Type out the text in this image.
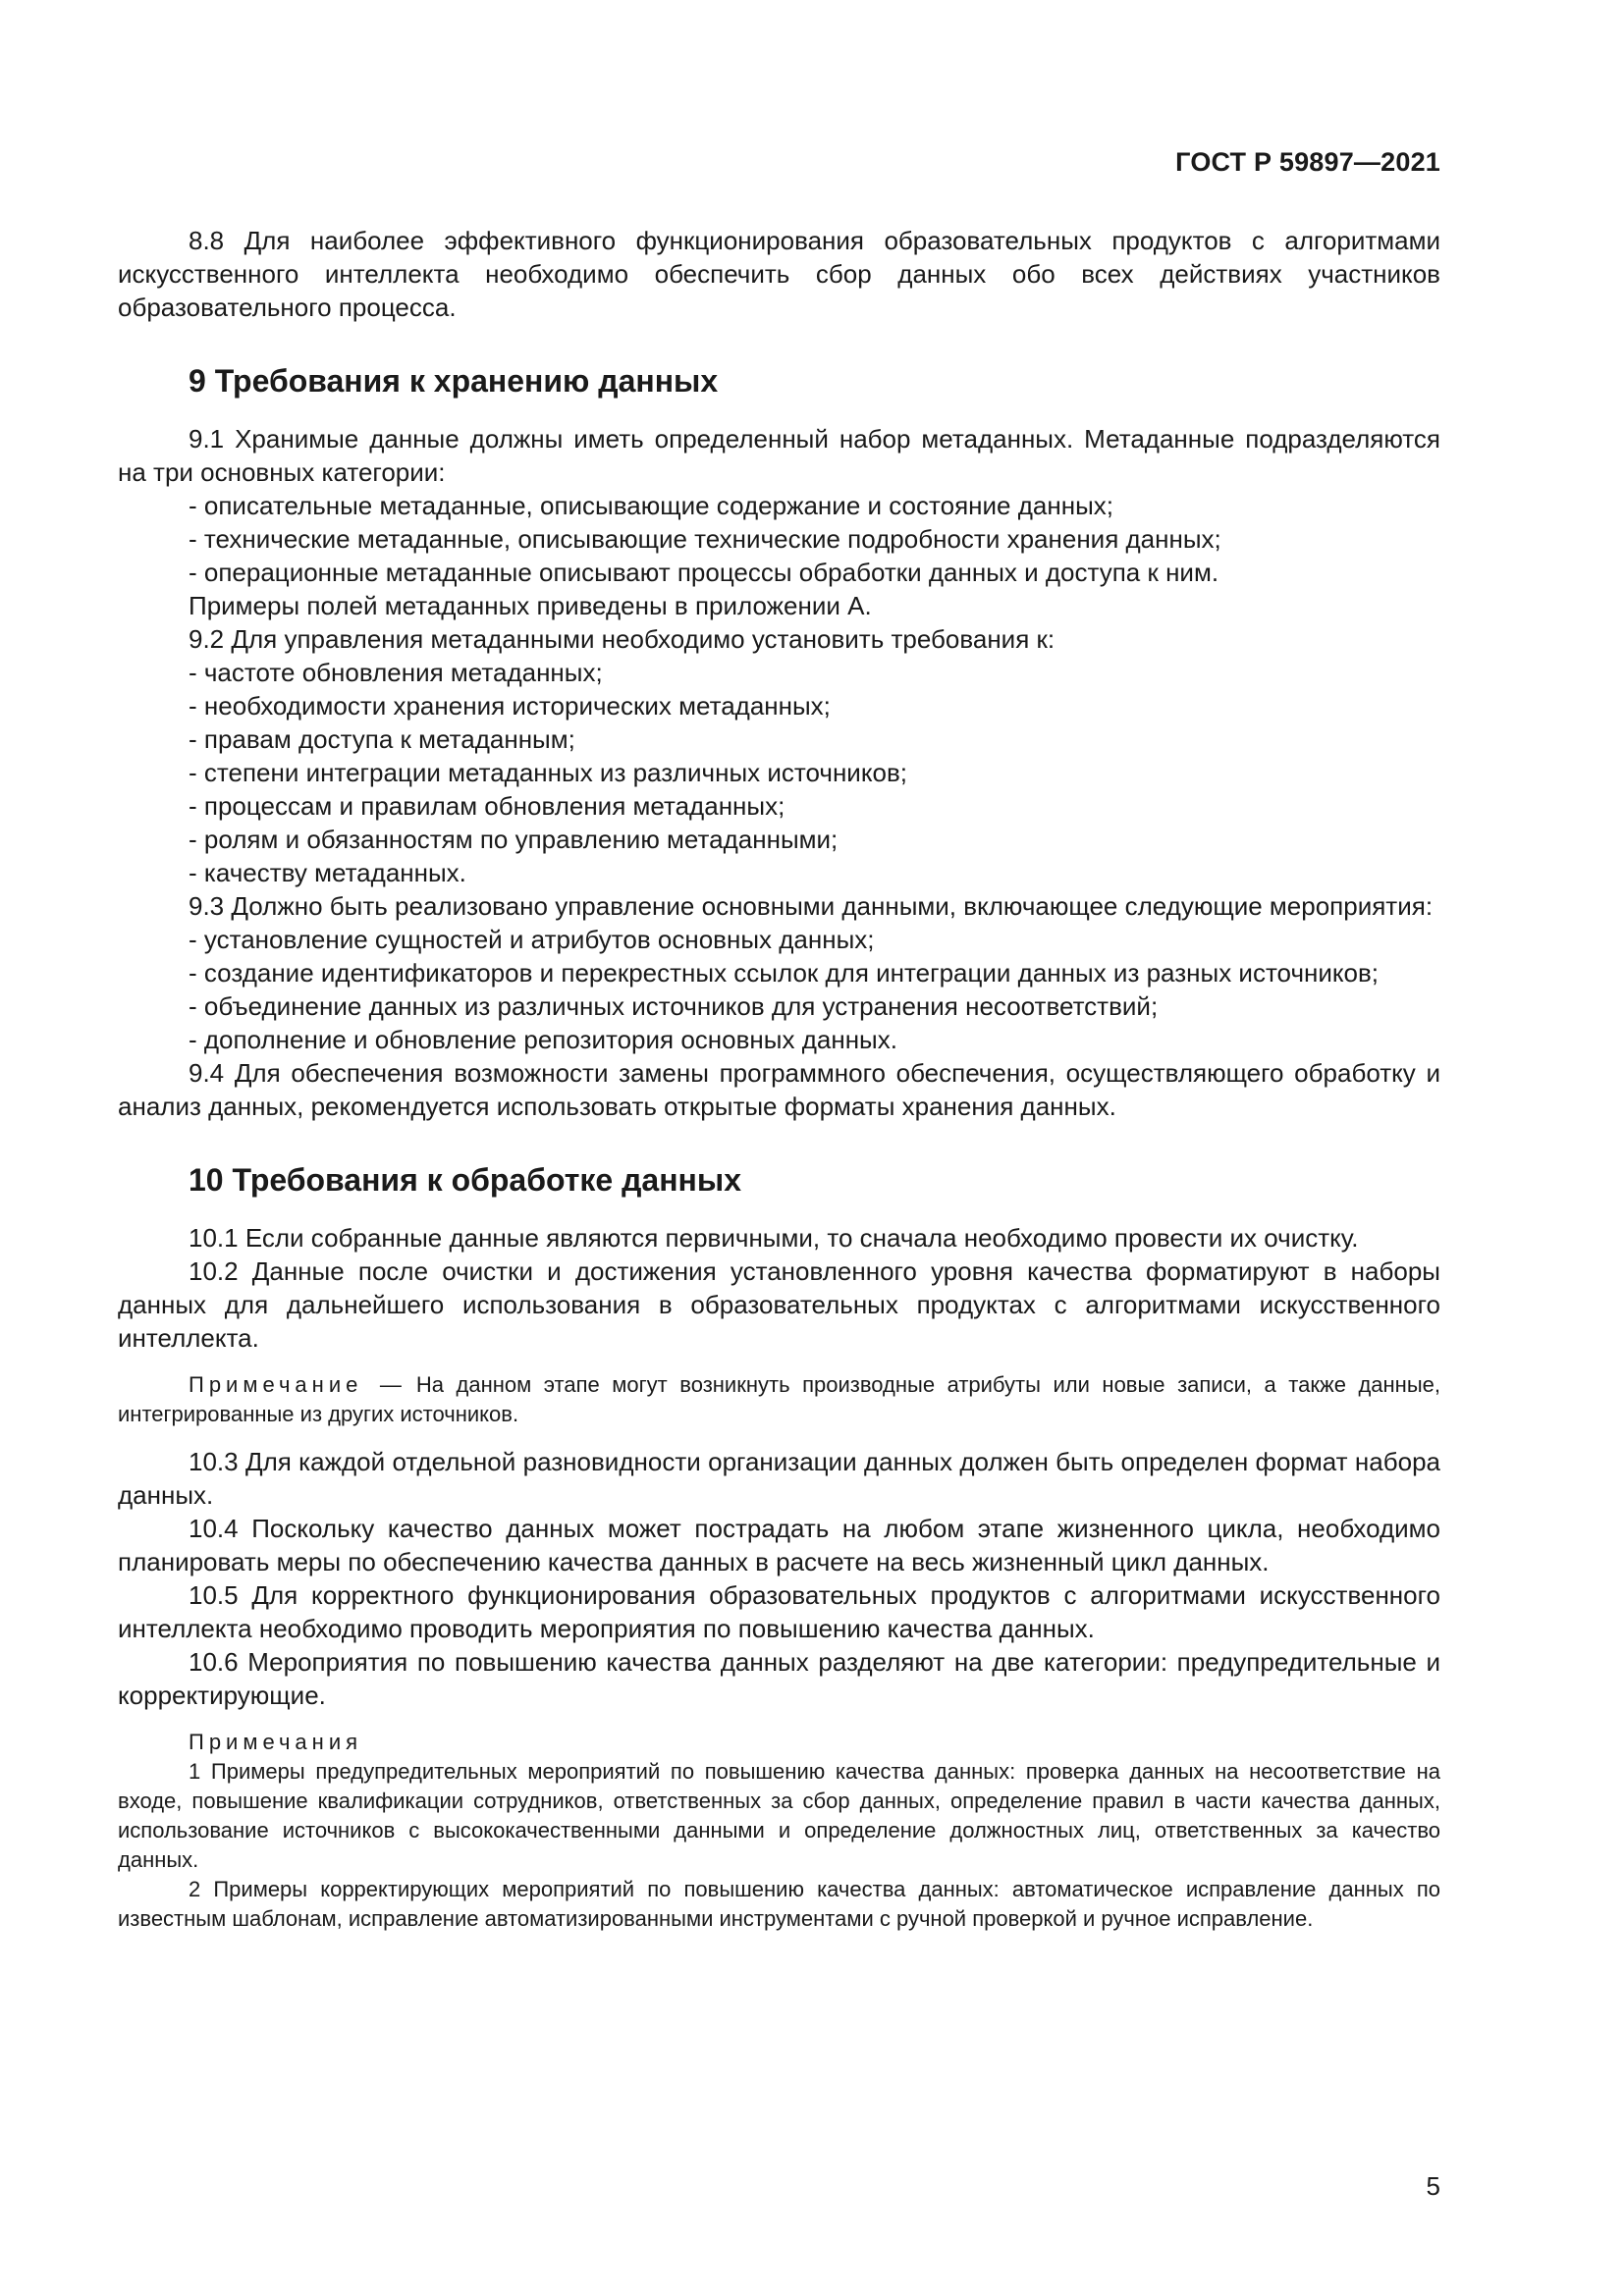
ГОСТ Р 59897—2021

8.8 Для наиболее эффективного функционирования образовательных продуктов с алгоритмами искусственного интеллекта необходимо обеспечить сбор данных обо всех действиях участников образовательного процесса.

9 Требования к хранению данных

9.1 Хранимые данные должны иметь определенный набор метаданных. Метаданные подразделяются на три основных категории:

- описательные метаданные, описывающие содержание и состояние данных;

- технические метаданные, описывающие технические подробности хранения данных;

- операционные метаданные описывают процессы обработки данных и доступа к ним.

Примеры полей метаданных приведены в приложении А.

9.2 Для управления метаданными необходимо установить требования к:

- частоте обновления метаданных;

- необходимости хранения исторических метаданных;

- правам доступа к метаданным;

- степени интеграции метаданных из различных источников;

- процессам и правилам обновления метаданных;

- ролям и обязанностям по управлению метаданными;

- качеству метаданных.

9.3 Должно быть реализовано управление основными данными, включающее следующие мероприятия:

- установление сущностей и атрибутов основных данных;

- создание идентификаторов и перекрестных ссылок для интеграции данных из разных источников;

- объединение данных из различных источников для устранения несоответствий;

- дополнение и обновление репозитория основных данных.

9.4 Для обеспечения возможности замены программного обеспечения, осуществляющего обработку и анализ данных, рекомендуется использовать открытые форматы хранения данных.

10 Требования к обработке данных

10.1 Если собранные данные являются первичными, то сначала необходимо провести их очистку.

10.2 Данные после очистки и достижения установленного уровня качества форматируют в наборы данных для дальнейшего использования в образовательных продуктах с алгоритмами искусственного интеллекта.

Примечание — На данном этапе могут возникнуть производные атрибуты или новые записи, а также данные, интегрированные из других источников.

10.3 Для каждой отдельной разновидности организации данных должен быть определен формат набора данных.

10.4 Поскольку качество данных может пострадать на любом этапе жизненного цикла, необходимо планировать меры по обеспечению качества данных в расчете на весь жизненный цикл данных.

10.5 Для корректного функционирования образовательных продуктов с алгоритмами искусственного интеллекта необходимо проводить мероприятия по повышению качества данных.

10.6 Мероприятия по повышению качества данных разделяют на две категории: предупредительные и корректирующие.

Примечания

1 Примеры предупредительных мероприятий по повышению качества данных: проверка данных на несоответствие на входе, повышение квалификации сотрудников, ответственных за сбор данных, определение правил в части качества данных, использование источников с высококачественными данными и определение должностных лиц, ответственных за качество данных.

2 Примеры корректирующих мероприятий по повышению качества данных: автоматическое исправление данных по известным шаблонам, исправление автоматизированными инструментами с ручной проверкой и ручное исправление.

5
